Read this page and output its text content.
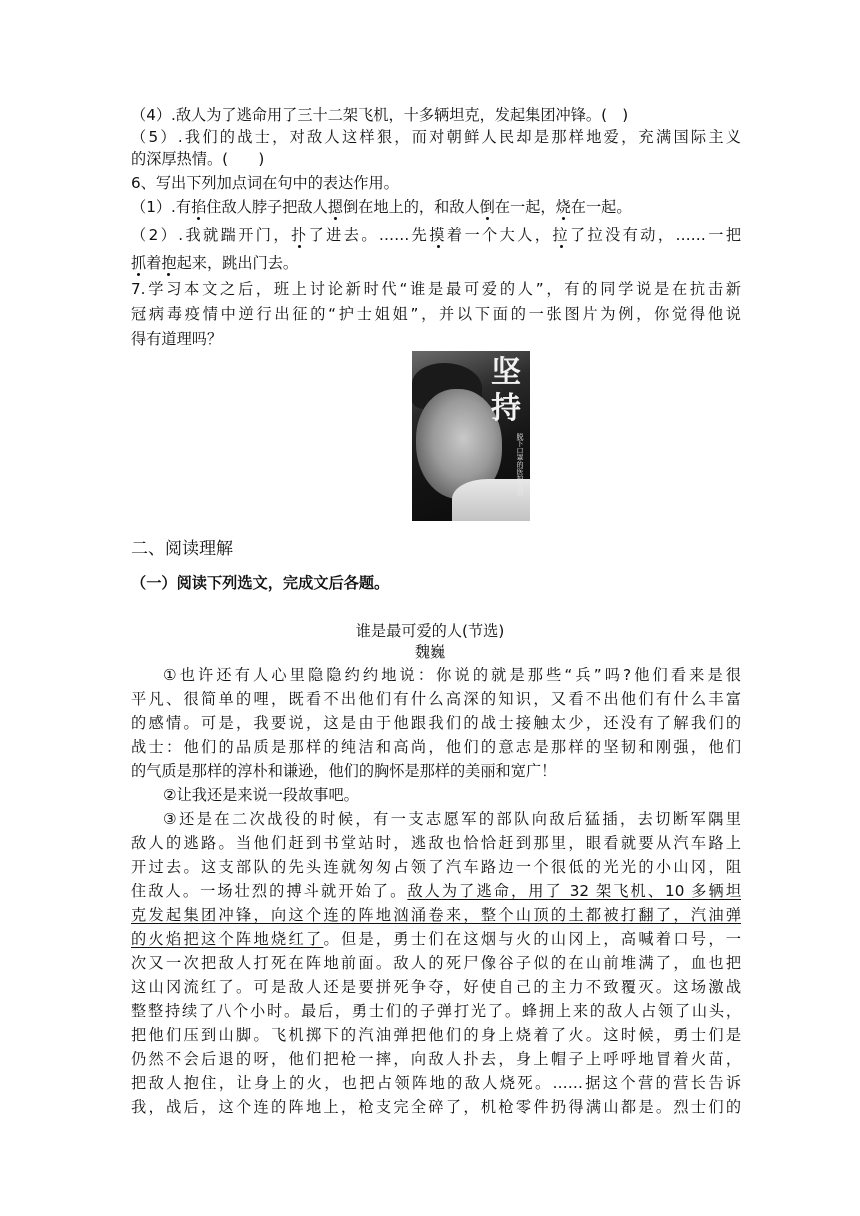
（4）.敌人为了逃命用了三十二架飞机，十多辆坦克，发起集团冲锋。(　)
（5）.我们的战士，对敌人这样狠，而对朝鲜人民却是那样地爱，充满国际主义
的深厚热情。(　　)
6、写出下列加点词在句中的表达作用。
（1）.有掐住敌人脖子把敌人摁倒在地上的，和敌人倒在一起，烧在一起。
（2）.我就踹开门，扑了进去。……先摸着一个大人，拉了拉没有动，……一把
抓着抱起来，跳出门去。
7.学习本文之后，班上讨论新时代“谁是最可爱的人”，有的同学说是在抗击新
冠病毒疫情中逆行出征的“护士姐姐”，并以下面的一张图片为例，你觉得他说
得有道理吗？
坚持
脱下口罩的医护人员
二、阅读理解
（一）阅读下列选文，完成文后各题。
谁是最可爱的人(节选)
魏巍
①也许还有人心里隐隐约约地说：你说的就是那些“兵”吗?他们看来是很
平凡、很简单的哩，既看不出他们有什么高深的知识，又看不出他们有什么丰富
的感情。可是，我要说，这是由于他跟我们的战士接触太少，还没有了解我们的
战士：他们的品质是那样的纯洁和高尚，他们的意志是那样的坚韧和刚强，他们
的气质是那样的淳朴和谦逊，他们的胸怀是那样的美丽和宽广！
②让我还是来说一段故事吧。
③还是在二次战役的时候，有一支志愿军的部队向敌后猛插，去切断军隅里
敌人的逃路。当他们赶到书堂站时，逃敌也恰恰赶到那里，眼看就要从汽车路上
开过去。这支部队的先头连就匆匆占领了汽车路边一个很低的光光的小山冈，阻
住敌人。一场壮烈的搏斗就开始了。敌人为了逃命，用了 32 架飞机、10 多辆坦
克发起集团冲锋，向这个连的阵地汹涌卷来，整个山顶的土都被打翻了，汽油弹
的火焰把这个阵地烧红了。但是，勇士们在这烟与火的山冈上，高喊着口号，一
次又一次把敌人打死在阵地前面。敌人的死尸像谷子似的在山前堆满了，血也把
这山冈流红了。可是敌人还是要拼死争夺，好使自己的主力不致覆灭。这场激战
整整持续了八个小时。最后，勇士们的子弹打光了。蜂拥上来的敌人占领了山头，
把他们压到山脚。飞机掷下的汽油弹把他们的身上烧着了火。这时候，勇士们是
仍然不会后退的呀，他们把枪一摔，向敌人扑去，身上帽子上呼呼地冒着火苗，
把敌人抱住，让身上的火，也把占领阵地的敌人烧死。……据这个营的营长告诉
我，战后，这个连的阵地上，枪支完全碎了，机枪零件扔得满山都是。烈士们的
